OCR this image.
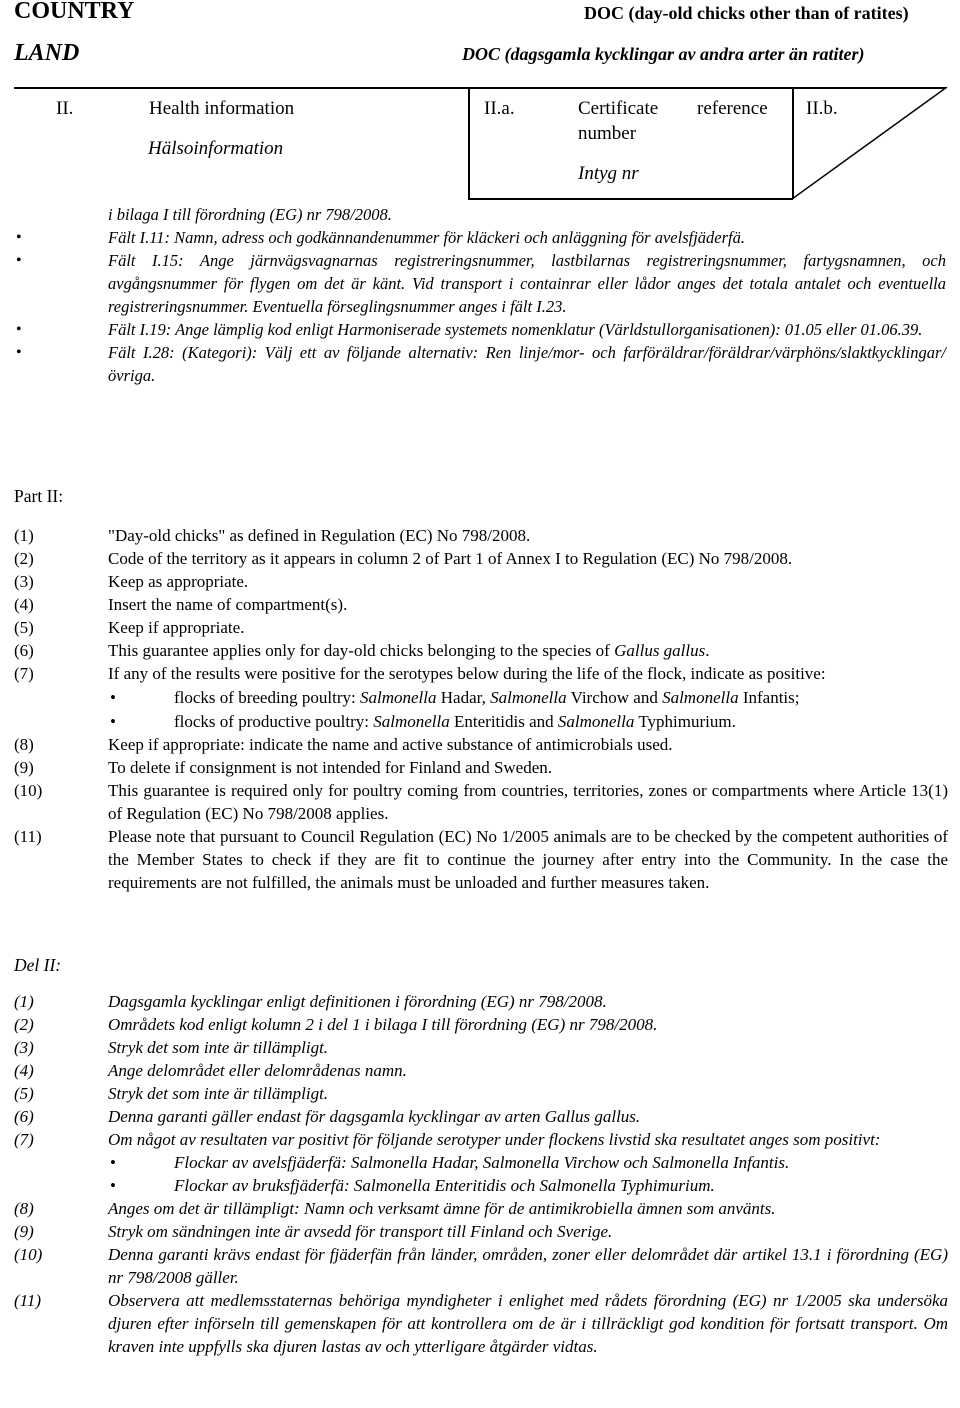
COUNTRY
LAND
DOC (day-old chicks other than of ratites)
DOC (dagsgamla kycklingar av andra arter än ratiter)
II.	Health information
Hälsoinformation
II.a.	Certificate reference
number
Intyg nr
II.b.

i bilaga I till förordning (EG) nr 798/2008.

•	Fält I.11: Namn, adress och godkännandenummer för kläckeri och anläggning för avelsfjäderfä.

•	Fält I.15: Ange järnvägsvagnarnas registreringsnummer, lastbilarnas registreringsnummer, fartygsnamnen, och avgångsnummer för flygen om det är känt. Vid transport i containrar eller lådor anges det totala antalet och eventuella registreringsnummer. Eventuella förseglingsnummer anges i fält I.23.

•	Fält I.19: Ange lämplig kod enligt Harmoniserade systemets nomenklatur (Världstullorganisationen): 01.05 eller 01.06.39.

•	Fält I.28: (Kategori): Välj ett av följande alternativ: Ren linje/mor- och farföräldrar/föräldrar/värphöns/slaktkycklingar/övriga.

Part II:
(1)	"Day-old chicks" as defined in Regulation (EC) No 798/2008.
(2)	Code of the territory as it appears in column 2 of Part 1 of Annex I to Regulation (EC) No 798/2008.
(3)	Keep as appropriate.
(4)	Insert the name of compartment(s).
(5)	Keep if appropriate.
(6)	This guarantee applies only for day-old chicks belonging to the species of Gallus gallus.
(7)	If any of the results were positive for the serotypes below during the life of the flock, indicate as positive:
•	flocks of breeding poultry: Salmonella Hadar, Salmonella Virchow and Salmonella Infantis;
•	flocks of productive poultry: Salmonella Enteritidis and Salmonella Typhimurium.
(8)	Keep if appropriate: indicate the name and active substance of antimicrobials used.
(9)	To delete if consignment is not intended for Finland and Sweden.
(10)	This guarantee is required only for poultry coming from countries, territories, zones or compartments where Article 13(1) of Regulation (EC) No 798/2008 applies.
(11)	Please note that pursuant to Council Regulation (EC) No 1/2005 animals are to be checked by the competent authorities of the Member States to check if they are fit to continue the journey after entry into the Community. In the case the requirements are not fulfilled, the animals must be unloaded and further measures taken.
Del II:
(1)	Dagsgamla kycklingar enligt definitionen i förordning (EG) nr 798/2008.
(2)	Områdets kod enligt kolumn 2 i del 1 i bilaga I till förordning (EG) nr 798/2008.
(3)	Stryk det som inte är tillämpligt.
(4)	Ange delområdet eller delområdenas namn.
(5)	Stryk det som inte är tillämpligt.
(6)	Denna garanti gäller endast för dagsgamla kycklingar av arten Gallus gallus.
(7)	Om något av resultaten var positivt för följande serotyper under flockens livstid ska resultatet anges som positivt:
•	Flockar av avelsfjäderfä: Salmonella Hadar, Salmonella Virchow och Salmonella Infantis.
•	Flockar av bruksfjäderfä: Salmonella Enteritidis och Salmonella Typhimurium.
(8)	Anges om det är tillämpligt: Namn och verksamt ämne för de antimikrobiella ämnen som använts.
(9)	Stryk om sändningen inte är avsedd för transport till Finland och Sverige.
(10)	Denna garanti krävs endast för fjäderfän från länder, områden, zoner eller delområdet där artikel 13.1 i förordning (EG) nr 798/2008 gäller.
(11)	Observera att medlemsstaternas behöriga myndigheter i enlighet med rådets förordning (EG) nr 1/2005 ska undersöka djuren efter införseln till gemenskapen för att kontrollera om de är i tillräckligt god kondition för fortsatt transport. Om kraven inte uppfylls ska djuren lastas av och ytterligare åtgärder vidtas.
